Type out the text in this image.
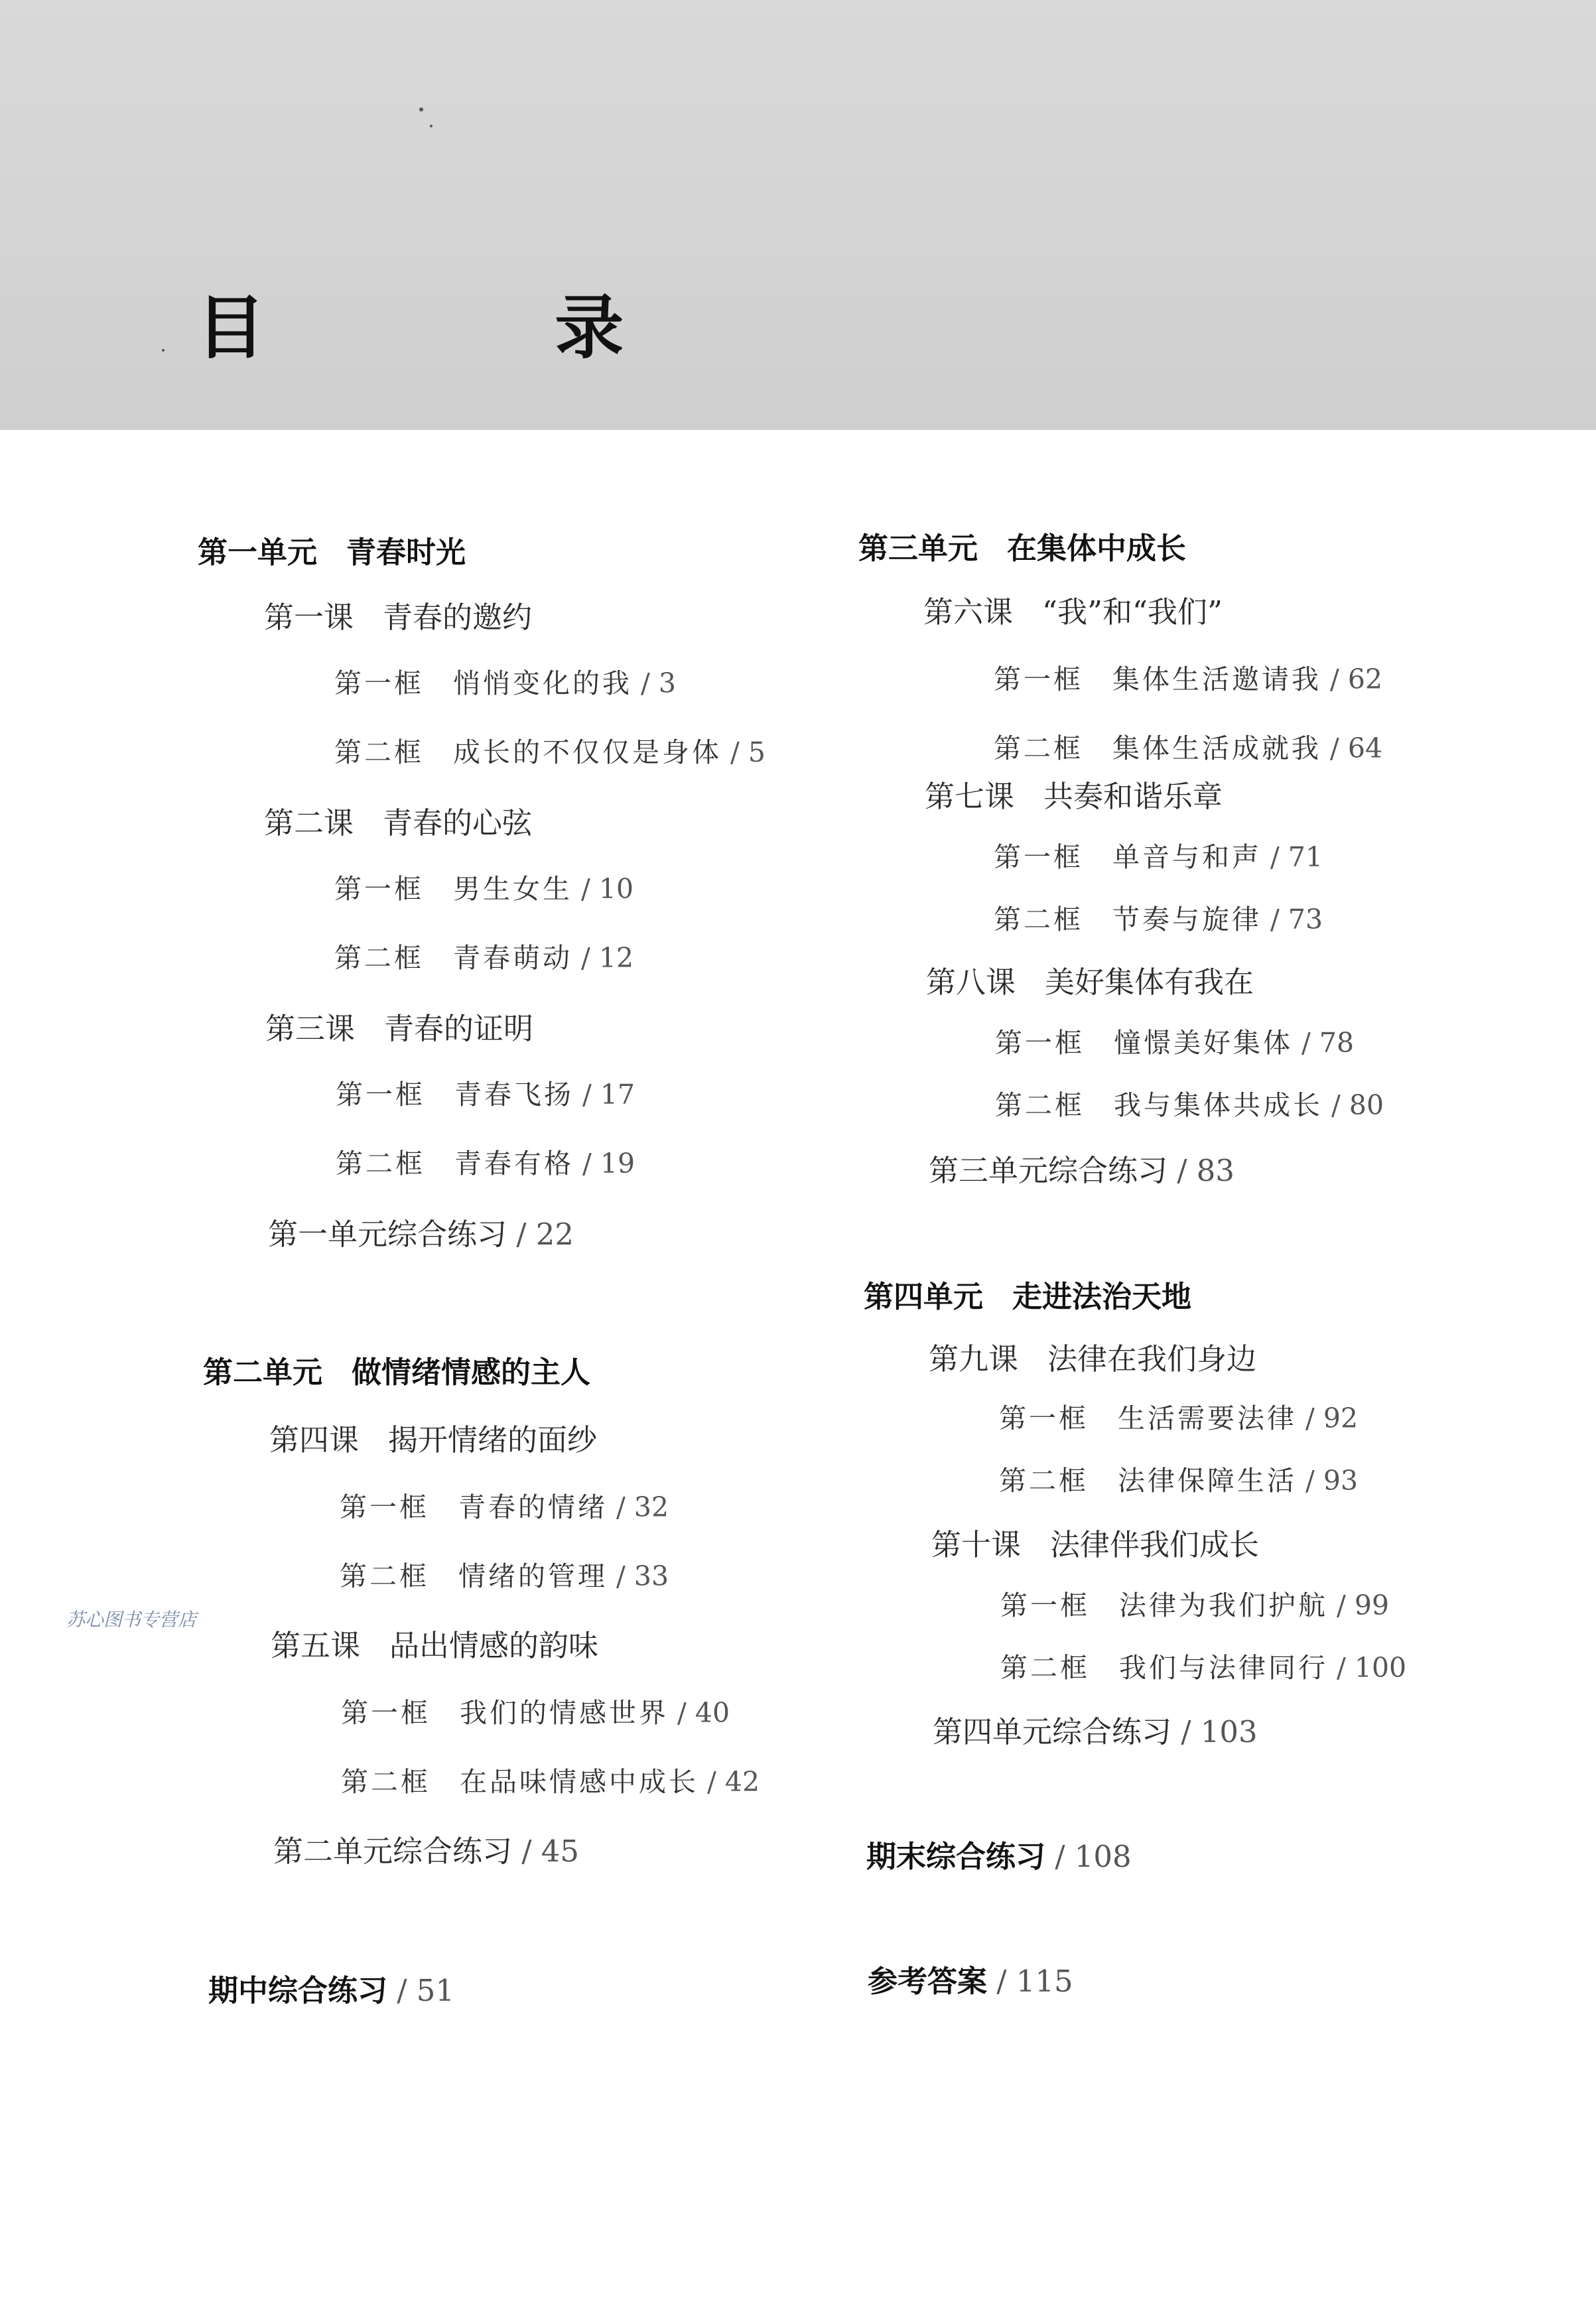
目 录
苏心图书专营店
第一单元 青春时光
第一课 青春的邀约
第一框 悄悄变化的我 / 3
第二框 成长的不仅仅是身体 / 5
第二课 青春的心弦
第一框 男生女生 / 10
第二框 青春萌动 / 12
第三课 青春的证明
第一框 青春飞扬 / 17
第二框 青春有格 / 19
第一单元综合练习 / 22
第二单元 做情绪情感的主人
第四课 揭开情绪的面纱
第一框 青春的情绪 / 32
第二框 情绪的管理 / 33
第五课 品出情感的韵味
第一框 我们的情感世界 / 40
第二框 在品味情感中成长 / 42
第二单元综合练习 / 45
期中综合练习 / 51
第三单元 在集体中成长
第六课 “我”和“我们”
第一框 集体生活邀请我 / 62
第二框 集体生活成就我 / 64
第七课 共奏和谐乐章
第一框 单音与和声 / 71
第二框 节奏与旋律 / 73
第八课 美好集体有我在
第一框 憧憬美好集体 / 78
第二框 我与集体共成长 / 80
第三单元综合练习 / 83
第四单元 走进法治天地
第九课 法律在我们身边
第一框 生活需要法律 / 92
第二框 法律保障生活 / 93
第十课 法律伴我们成长
第一框 法律为我们护航 / 99
第二框 我们与法律同行 / 100
第四单元综合练习 / 103
期末综合练习 / 108
参考答案 / 115
